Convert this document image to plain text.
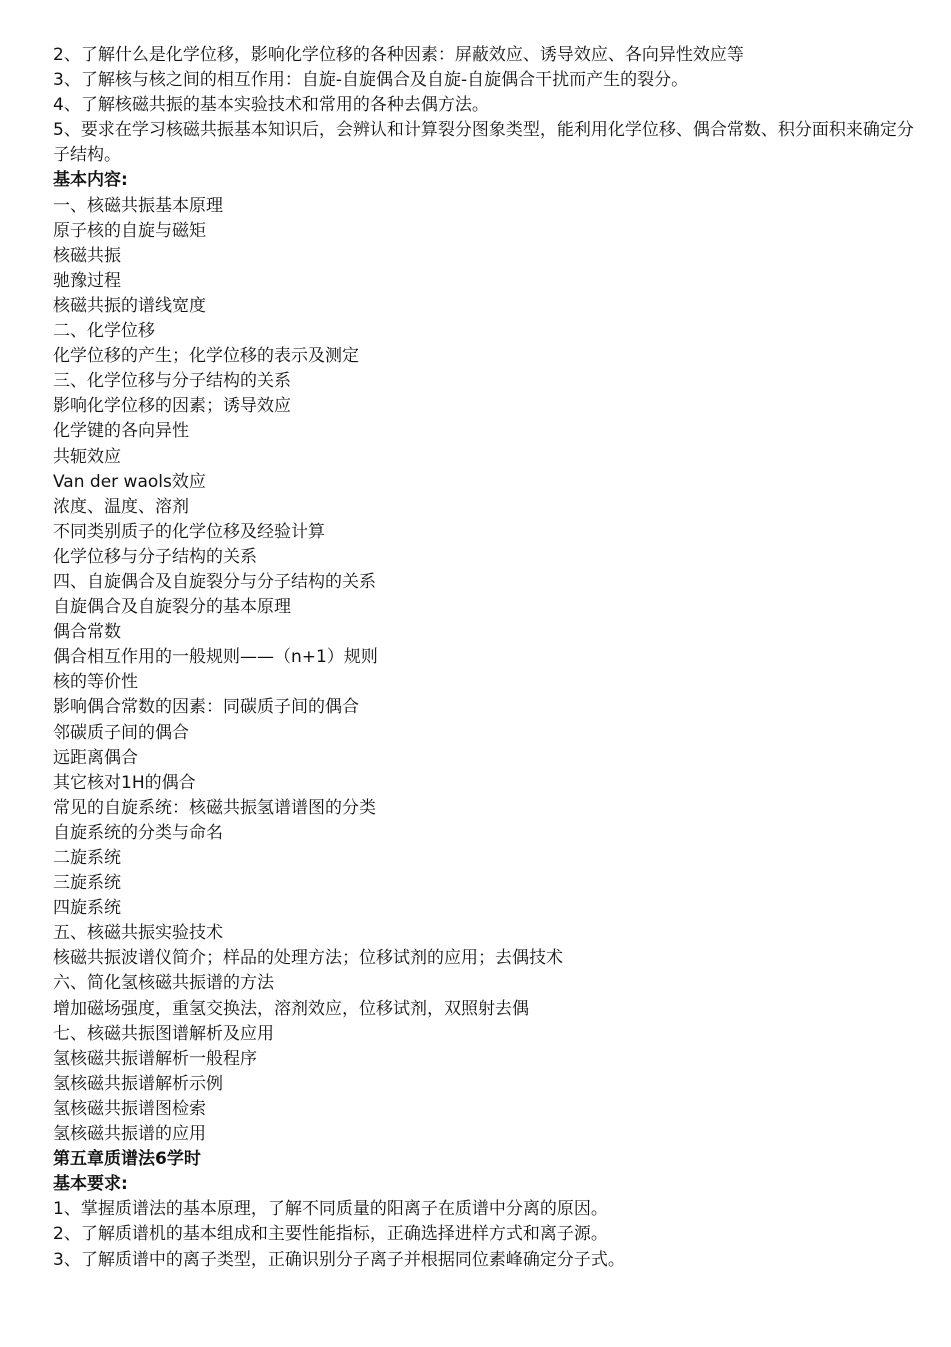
2、了解什么是化学位移，影响化学位移的各种因素：屏蔽效应、诱导效应、各向异性效应等
3、了解核与核之间的相互作用：自旋-自旋偶合及自旋-自旋偶合干扰而产生的裂分。
4、了解核磁共振的基本实验技术和常用的各种去偶方法。
5、要求在学习核磁共振基本知识后，会辨认和计算裂分图象类型，能利用化学位移、偶合常数、积分面积来确定分子结构。
基本内容:
一、核磁共振基本原理
原子核的自旋与磁矩
核磁共振
驰豫过程
核磁共振的谱线宽度
二、化学位移
化学位移的产生；化学位移的表示及测定
三、化学位移与分子结构的关系
影响化学位移的因素；诱导效应
化学键的各向异性
共轭效应
Van der waols效应
浓度、温度、溶剂
不同类别质子的化学位移及经验计算
化学位移与分子结构的关系
四、自旋偶合及自旋裂分与分子结构的关系
自旋偶合及自旋裂分的基本原理
偶合常数
偶合相互作用的一般规则——（n+1）规则
核的等价性
影响偶合常数的因素：同碳质子间的偶合
邻碳质子间的偶合
远距离偶合
其它核对1H的偶合
常见的自旋系统：核磁共振氢谱谱图的分类
自旋系统的分类与命名
二旋系统
三旋系统
四旋系统
五、核磁共振实验技术
核磁共振波谱仪简介；样品的处理方法；位移试剂的应用；去偶技术
六、简化氢核磁共振谱的方法
增加磁场强度，重氢交换法，溶剂效应，位移试剂，双照射去偶
七、核磁共振图谱解析及应用
氢核磁共振谱解析一般程序
氢核磁共振谱解析示例
氢核磁共振谱图检索
氢核磁共振谱的应用
第五章质谱法6学时
基本要求:
1、掌握质谱法的基本原理，了解不同质量的阳离子在质谱中分离的原因。
2、了解质谱机的基本组成和主要性能指标，正确选择进样方式和离子源。
3、了解质谱中的离子类型，正确识别分子离子并根据同位素峰确定分子式。
